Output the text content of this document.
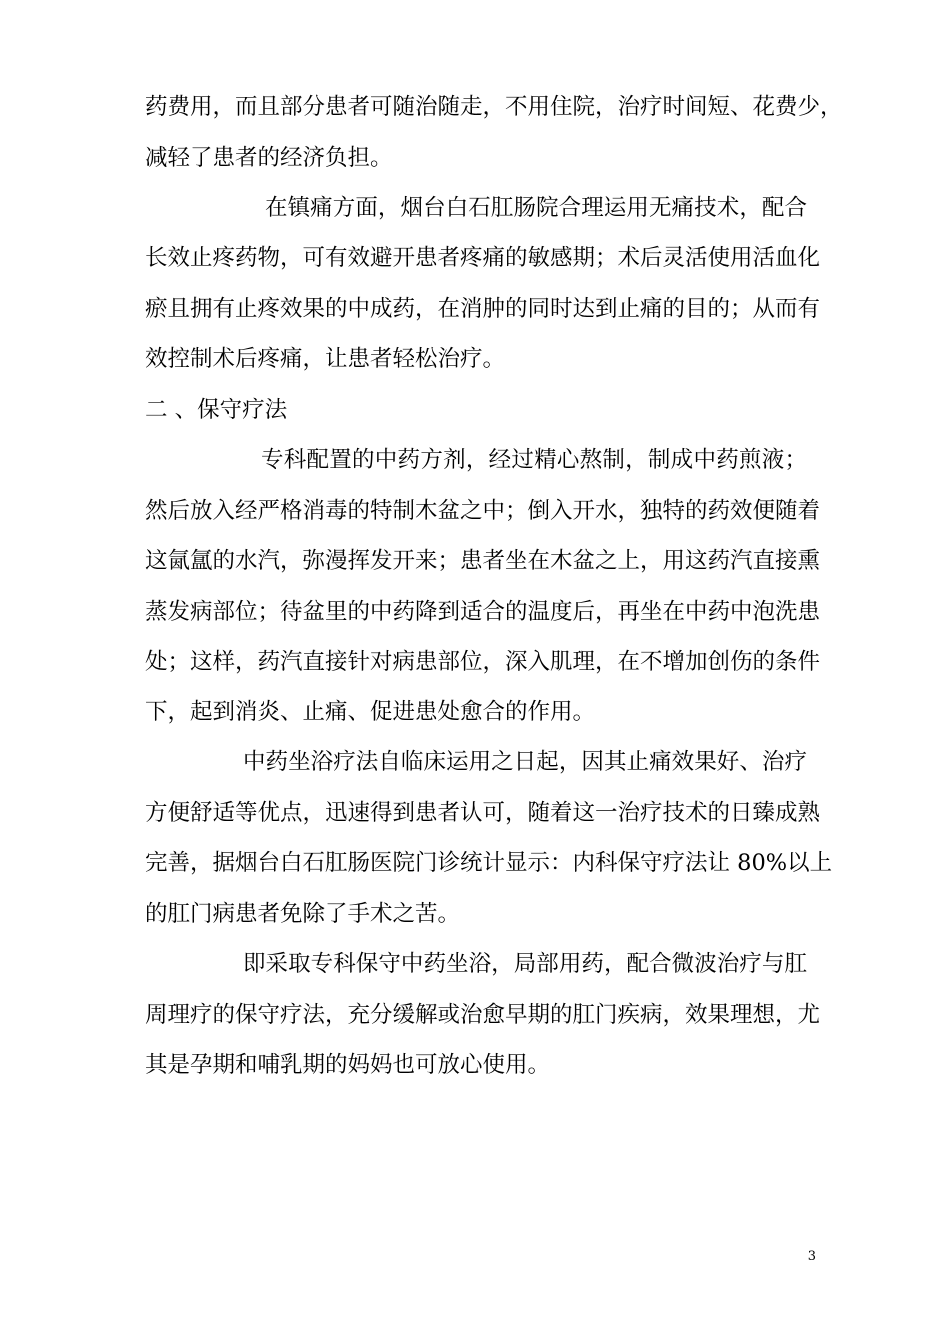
药费用，而且部分患者可随治随走，不用住院，治疗时间短、花费少，
减轻了患者的经济负担。
在镇痛方面，烟台白石肛肠院合理运用无痛技术，配合
长效止疼药物，可有效避开患者疼痛的敏感期；术后灵活使用活血化
瘀且拥有止疼效果的中成药，在消肿的同时达到止痛的目的；从而有
效控制术后疼痛，让患者轻松治疗。
二 、保守疗法
专科配置的中药方剂，经过精心熬制，制成中药煎液；
然后放入经严格消毒的特制木盆之中；倒入开水，独特的药效便随着
这氤氲的水汽，弥漫挥发开来；患者坐在木盆之上，用这药汽直接熏
蒸发病部位；待盆里的中药降到适合的温度后，再坐在中药中泡洗患
处；这样，药汽直接针对病患部位，深入肌理，在不增加创伤的条件
下，起到消炎、止痛、促进患处愈合的作用。
中药坐浴疗法自临床运用之日起，因其止痛效果好、治疗
方便舒适等优点，迅速得到患者认可，随着这一治疗技术的日臻成熟
完善，据烟台白石肛肠医院门诊统计显示：内科保守疗法让 80%以上
的肛门病患者免除了手术之苦。
即采取专科保守中药坐浴，局部用药，配合微波治疗与肛
周理疗的保守疗法，充分缓解或治愈早期的肛门疾病，效果理想，尤
其是孕期和哺乳期的妈妈也可放心使用。
3
